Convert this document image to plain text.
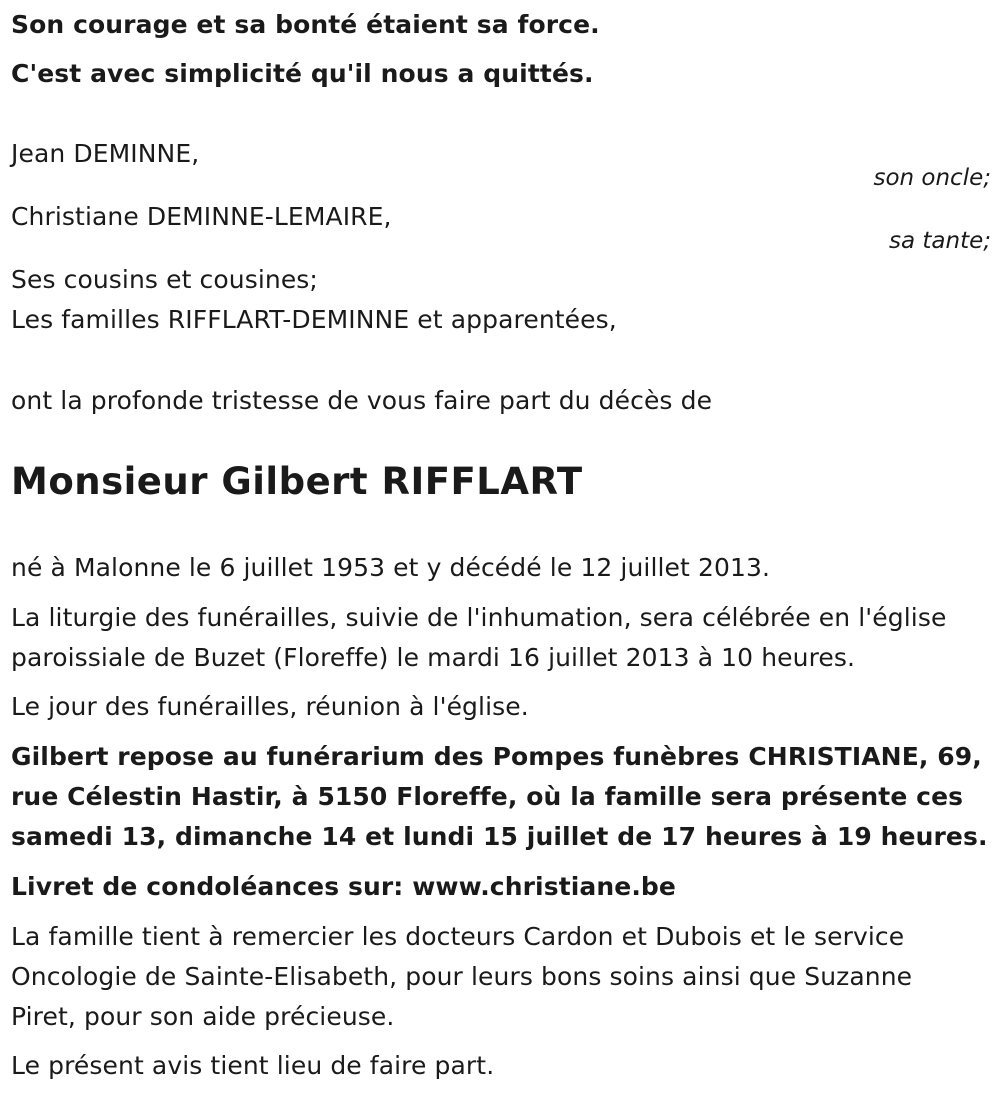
Son courage et sa bonté étaient sa force.
C'est avec simplicité qu'il nous a quittés.
Jean DEMINNE,
son oncle;
Christiane DEMINNE-LEMAIRE,
sa tante;
Ses cousins et cousines;
Les familles RIFFLART-DEMINNE et apparentées,
ont la profonde tristesse de vous faire part du décès de
Monsieur Gilbert RIFFLART
né à Malonne le 6 juillet 1953 et y décédé le 12 juillet 2013.
La liturgie des funérailles, suivie de l'inhumation, sera célébrée en l'église
paroissiale de Buzet (Floreffe) le mardi 16 juillet 2013 à 10 heures.
Le jour des funérailles, réunion à l'église.
Gilbert repose au funérarium des Pompes funèbres CHRISTIANE, 69,
rue Célestin Hastir, à 5150 Floreffe, où la famille sera présente ces
samedi 13, dimanche 14 et lundi 15 juillet de 17 heures à 19 heures.
Livret de condoléances sur: www.christiane.be
La famille tient à remercier les docteurs Cardon et Dubois et le service
Oncologie de Sainte-Elisabeth, pour leurs bons soins ainsi que Suzanne
Piret, pour son aide précieuse.
Le présent avis tient lieu de faire part.
